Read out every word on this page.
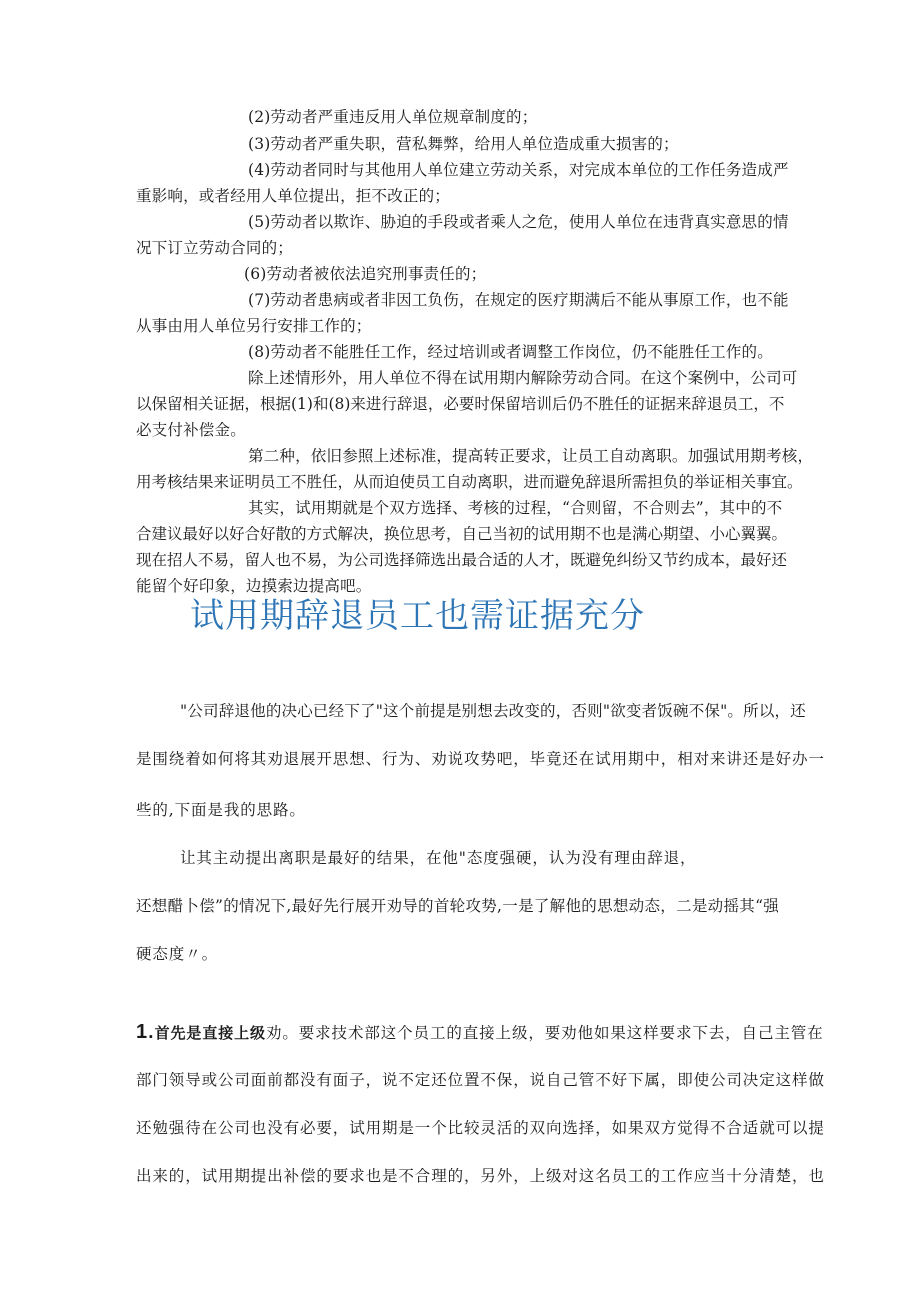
(2)劳动者严重违反用人单位规章制度的；
(3)劳动者严重失职，营私舞弊，给用人单位造成重大损害的；
(4)劳动者同时与其他用人单位建立劳动关系，对完成本单位的工作任务造成严
重影响，或者经用人单位提出，拒不改正的；
(5)劳动者以欺诈、胁迫的手段或者乘人之危，使用人单位在违背真实意思的情
况下订立劳动合同的；
(6)劳动者被依法追究刑事责任的；
(7)劳动者患病或者非因工负伤，在规定的医疗期满后不能从事原工作，也不能
从事由用人单位另行安排工作的；
(8)劳动者不能胜任工作，经过培训或者调整工作岗位，仍不能胜任工作的。
除上述情形外，用人单位不得在试用期内解除劳动合同。在这个案例中，公司可
以保留相关证据，根据(1)和(8)来进行辞退，必要时保留培训后仍不胜任的证据来辞退员工，不
必支付补偿金。
第二种，依旧参照上述标准，提高转正要求，让员工自动离职。加强试用期考核，
用考核结果来证明员工不胜任，从而迫使员工自动离职，进而避免辞退所需担负的举证相关事宜。
其实，试用期就是个双方选择、考核的过程，“合则留，不合则去”，其中的不
合建议最好以好合好散的方式解决，换位思考，自己当初的试用期不也是满心期望、小心翼翼。
现在招人不易，留人也不易，为公司选择筛选出最合适的人才，既避免纠纷又节约成本，最好还
能留个好印象，边摸索边提高吧。
试用期辞退员工也需证据充分
"公司辞退他的决心已经下了"这个前提是别想去改变的，否则"欲变者饭碗不保"。所以，还
是围绕着如何将其劝退展开思想、行为、劝说攻势吧，毕竟还在试用期中，相对来讲还是好办一
些的,下面是我的思路。
让其主动提出离职是最好的结果，在他"态度强硬，认为没有理由辞退，
还想醋卜偿”的情况下,最好先行展开劝导的首轮攻势,一是了解他的思想动态，二是动摇其“强
硬态度〃。
1.首先是直接上级劝。要求技术部这个员工的直接上级，要劝他如果这样要求下去，自己主管在
部门领导或公司面前都没有面子，说不定还位置不保，说自己管不好下属，即使公司决定这样做
还勉强待在公司也没有必要，试用期是一个比较灵活的双向选择，如果双方觉得不合适就可以提
出来的，试用期提出补偿的要求也是不合理的，另外，上级对这名员工的工作应当十分清楚，也
